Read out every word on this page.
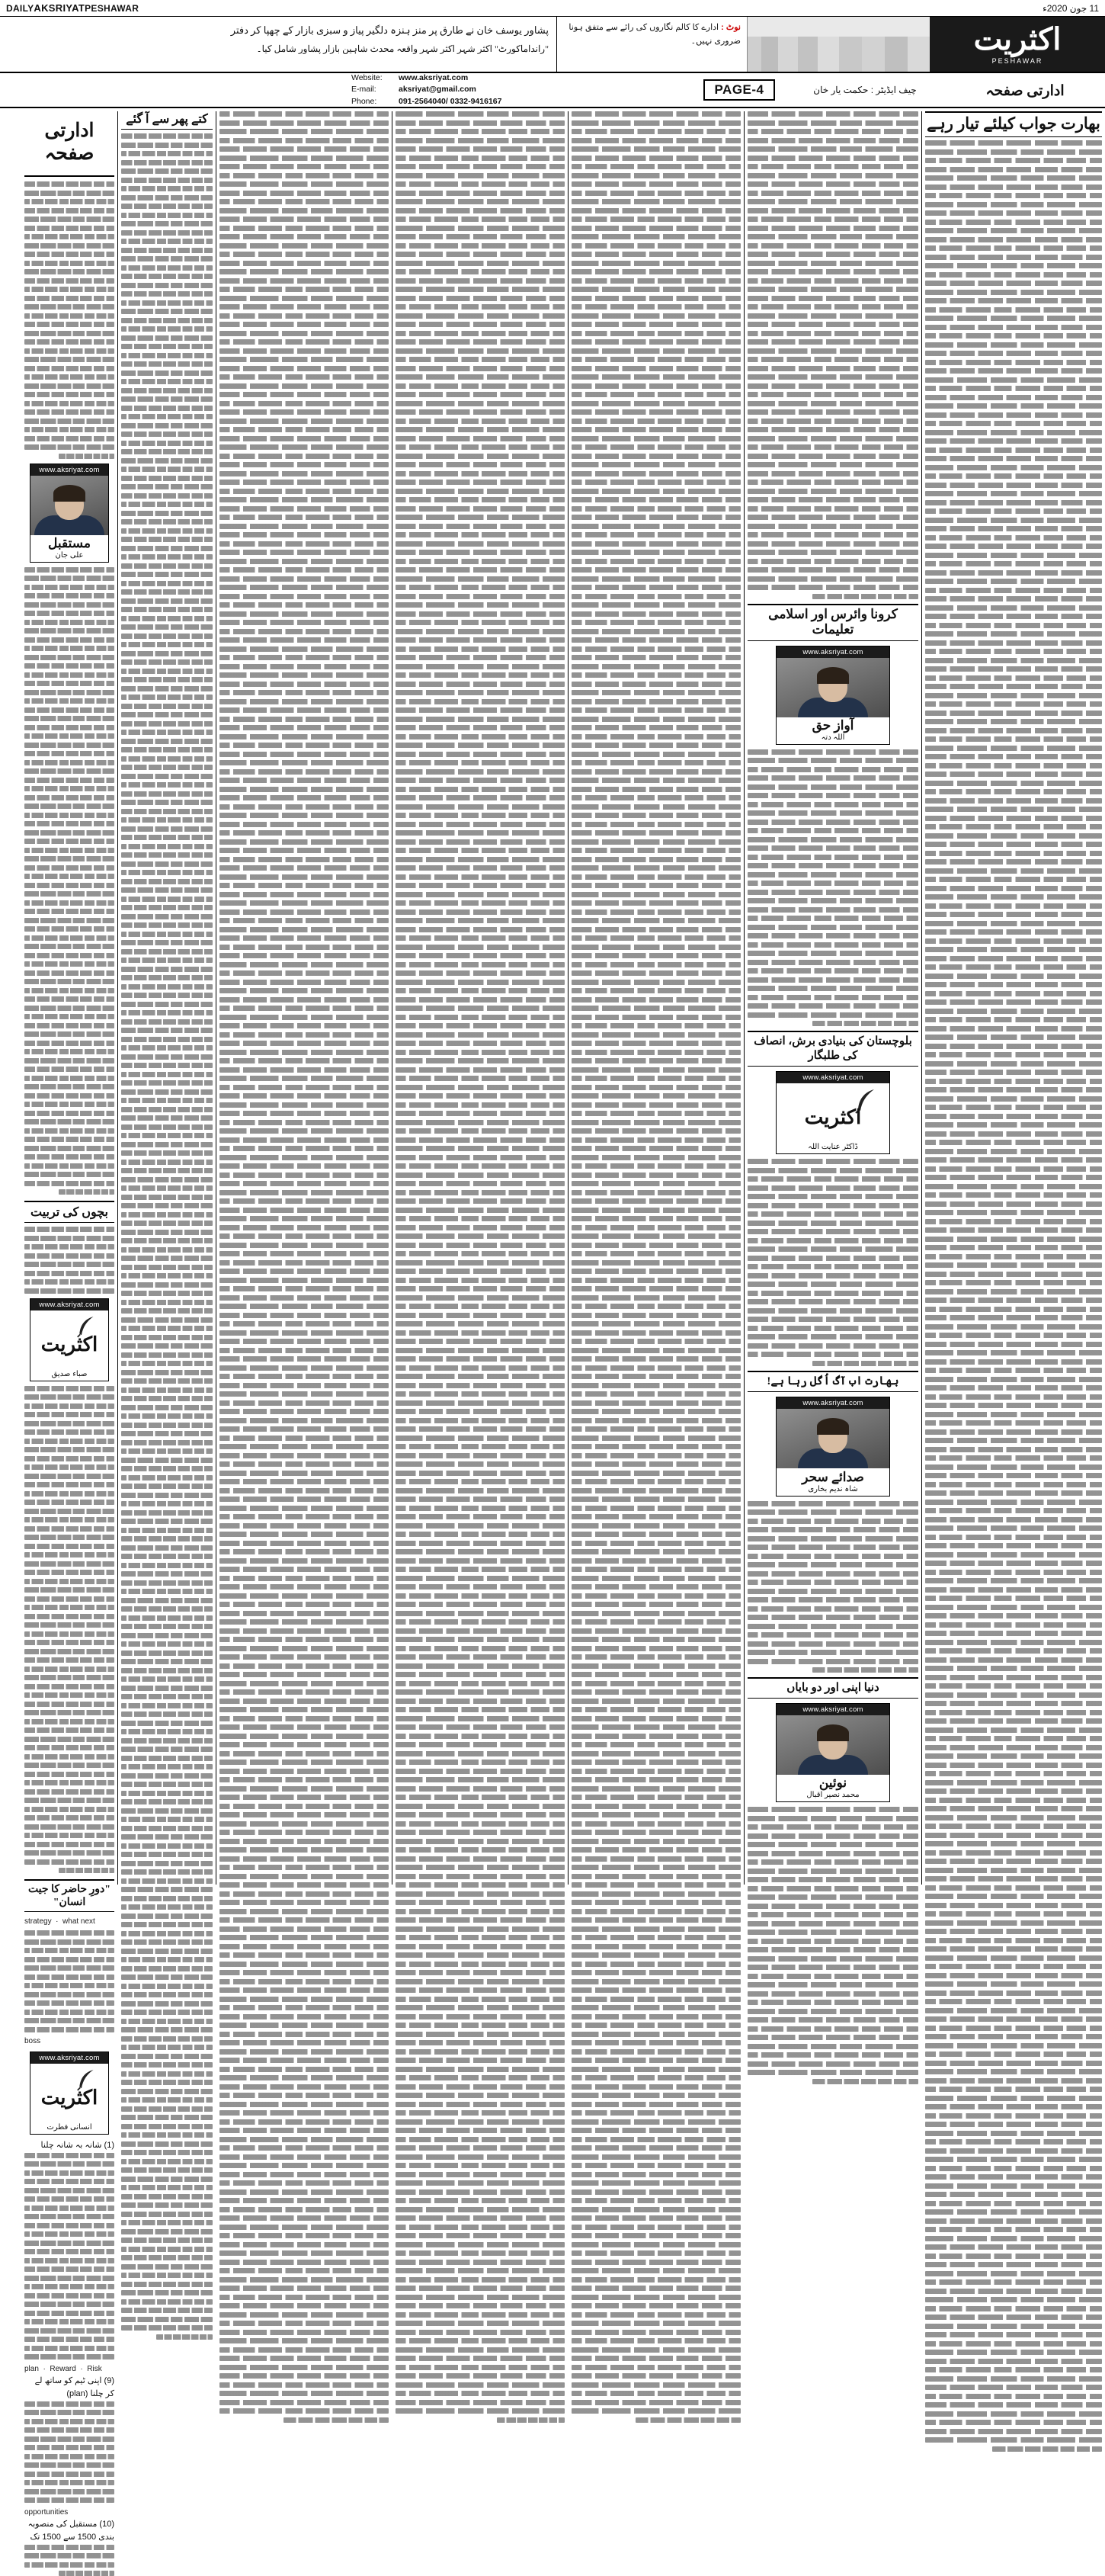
DAILYAKSRIYATPESHAWAR	11 جون 2020ء
اکثریت
PESHAWAR
نوٹ : ادارے کا کالم نگاروں کی رائے سے متفق ہونا ضروری نہیں۔
پشاور یوسف خان نے طارق پر منز ہنزہ دلگیر پیاز و سبزی بازار کے چھپا کر دفتر
"رانداماکورٹ" اکثر شہر اکثر شہر واقعہ محدث شاہین بازار پشاور شامل کیا۔
ادارتی صفحہ
چیف ایڈیٹر : حکمت یار خان
PAGE-4
Website: www.aksriyat.com
E-mail:	aksriyat@gmail.com
Phone:	091-2564040/ 0332-9416167
بھارت جواب کیلئے تیار رہے
کرونا وائرس اور اسلامی تعلیمات
www.aksriyat.com
آواز حق
اللہ دتہ
بلوچستان کی بنیادی برش، انصاف کی طلبگار
www.aksriyat.com
اکثریت
ڈاکٹر عنایت اللہ
بھارت اب آگ اُگل رہا ہے!
www.aksriyat.com
صدائے سحر
شاہ ندیم بخاری
دنیا اپنی اور دو بایاں
www.aksriyat.com
نوئین
محمد نصیر اقبال
کتے پھر سے آ گئے
ادارتی صفحہ
www.aksriyat.com
مستقبل
علی جان
بچوں کی تربیت
www.aksriyat.com
اکثریت
صباء صدیق
"دورِ حاضر کا جیت انسان"
strategy  ·  what next
boss
www.aksriyat.com
اکثریت
انسانی فطرت
(1) شانہ بہ شانہ چلنا
plan  ·  Reward  ·  Risk
(9) اپنی ٹیم کو ساتھ لے کر چلنا (plan)
opportunities
(10) مستقبل کی منصوبہ بندی 1500 سے 1500 تک
